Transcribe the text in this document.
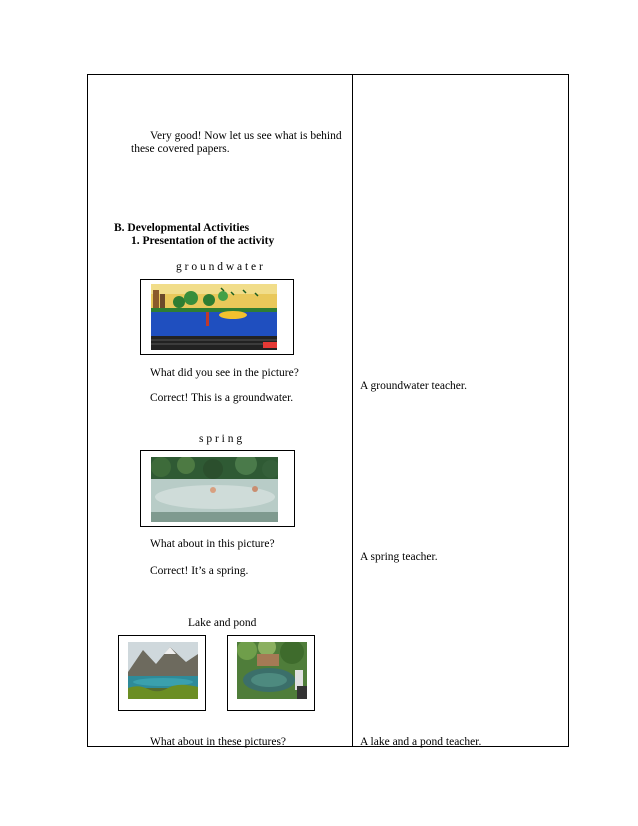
Very good! Now let us see what is behind
these covered papers.
B. Developmental Activities
1. Presentation of the activity
g r o u n d w a t e r
What did you see in the picture?
Correct! This is a groundwater.
s p r i n g
What about in this picture?
Correct! It’s a spring.
Lake and pond
What about in these pictures?
A groundwater teacher.
A spring teacher.
A lake and a pond teacher.
